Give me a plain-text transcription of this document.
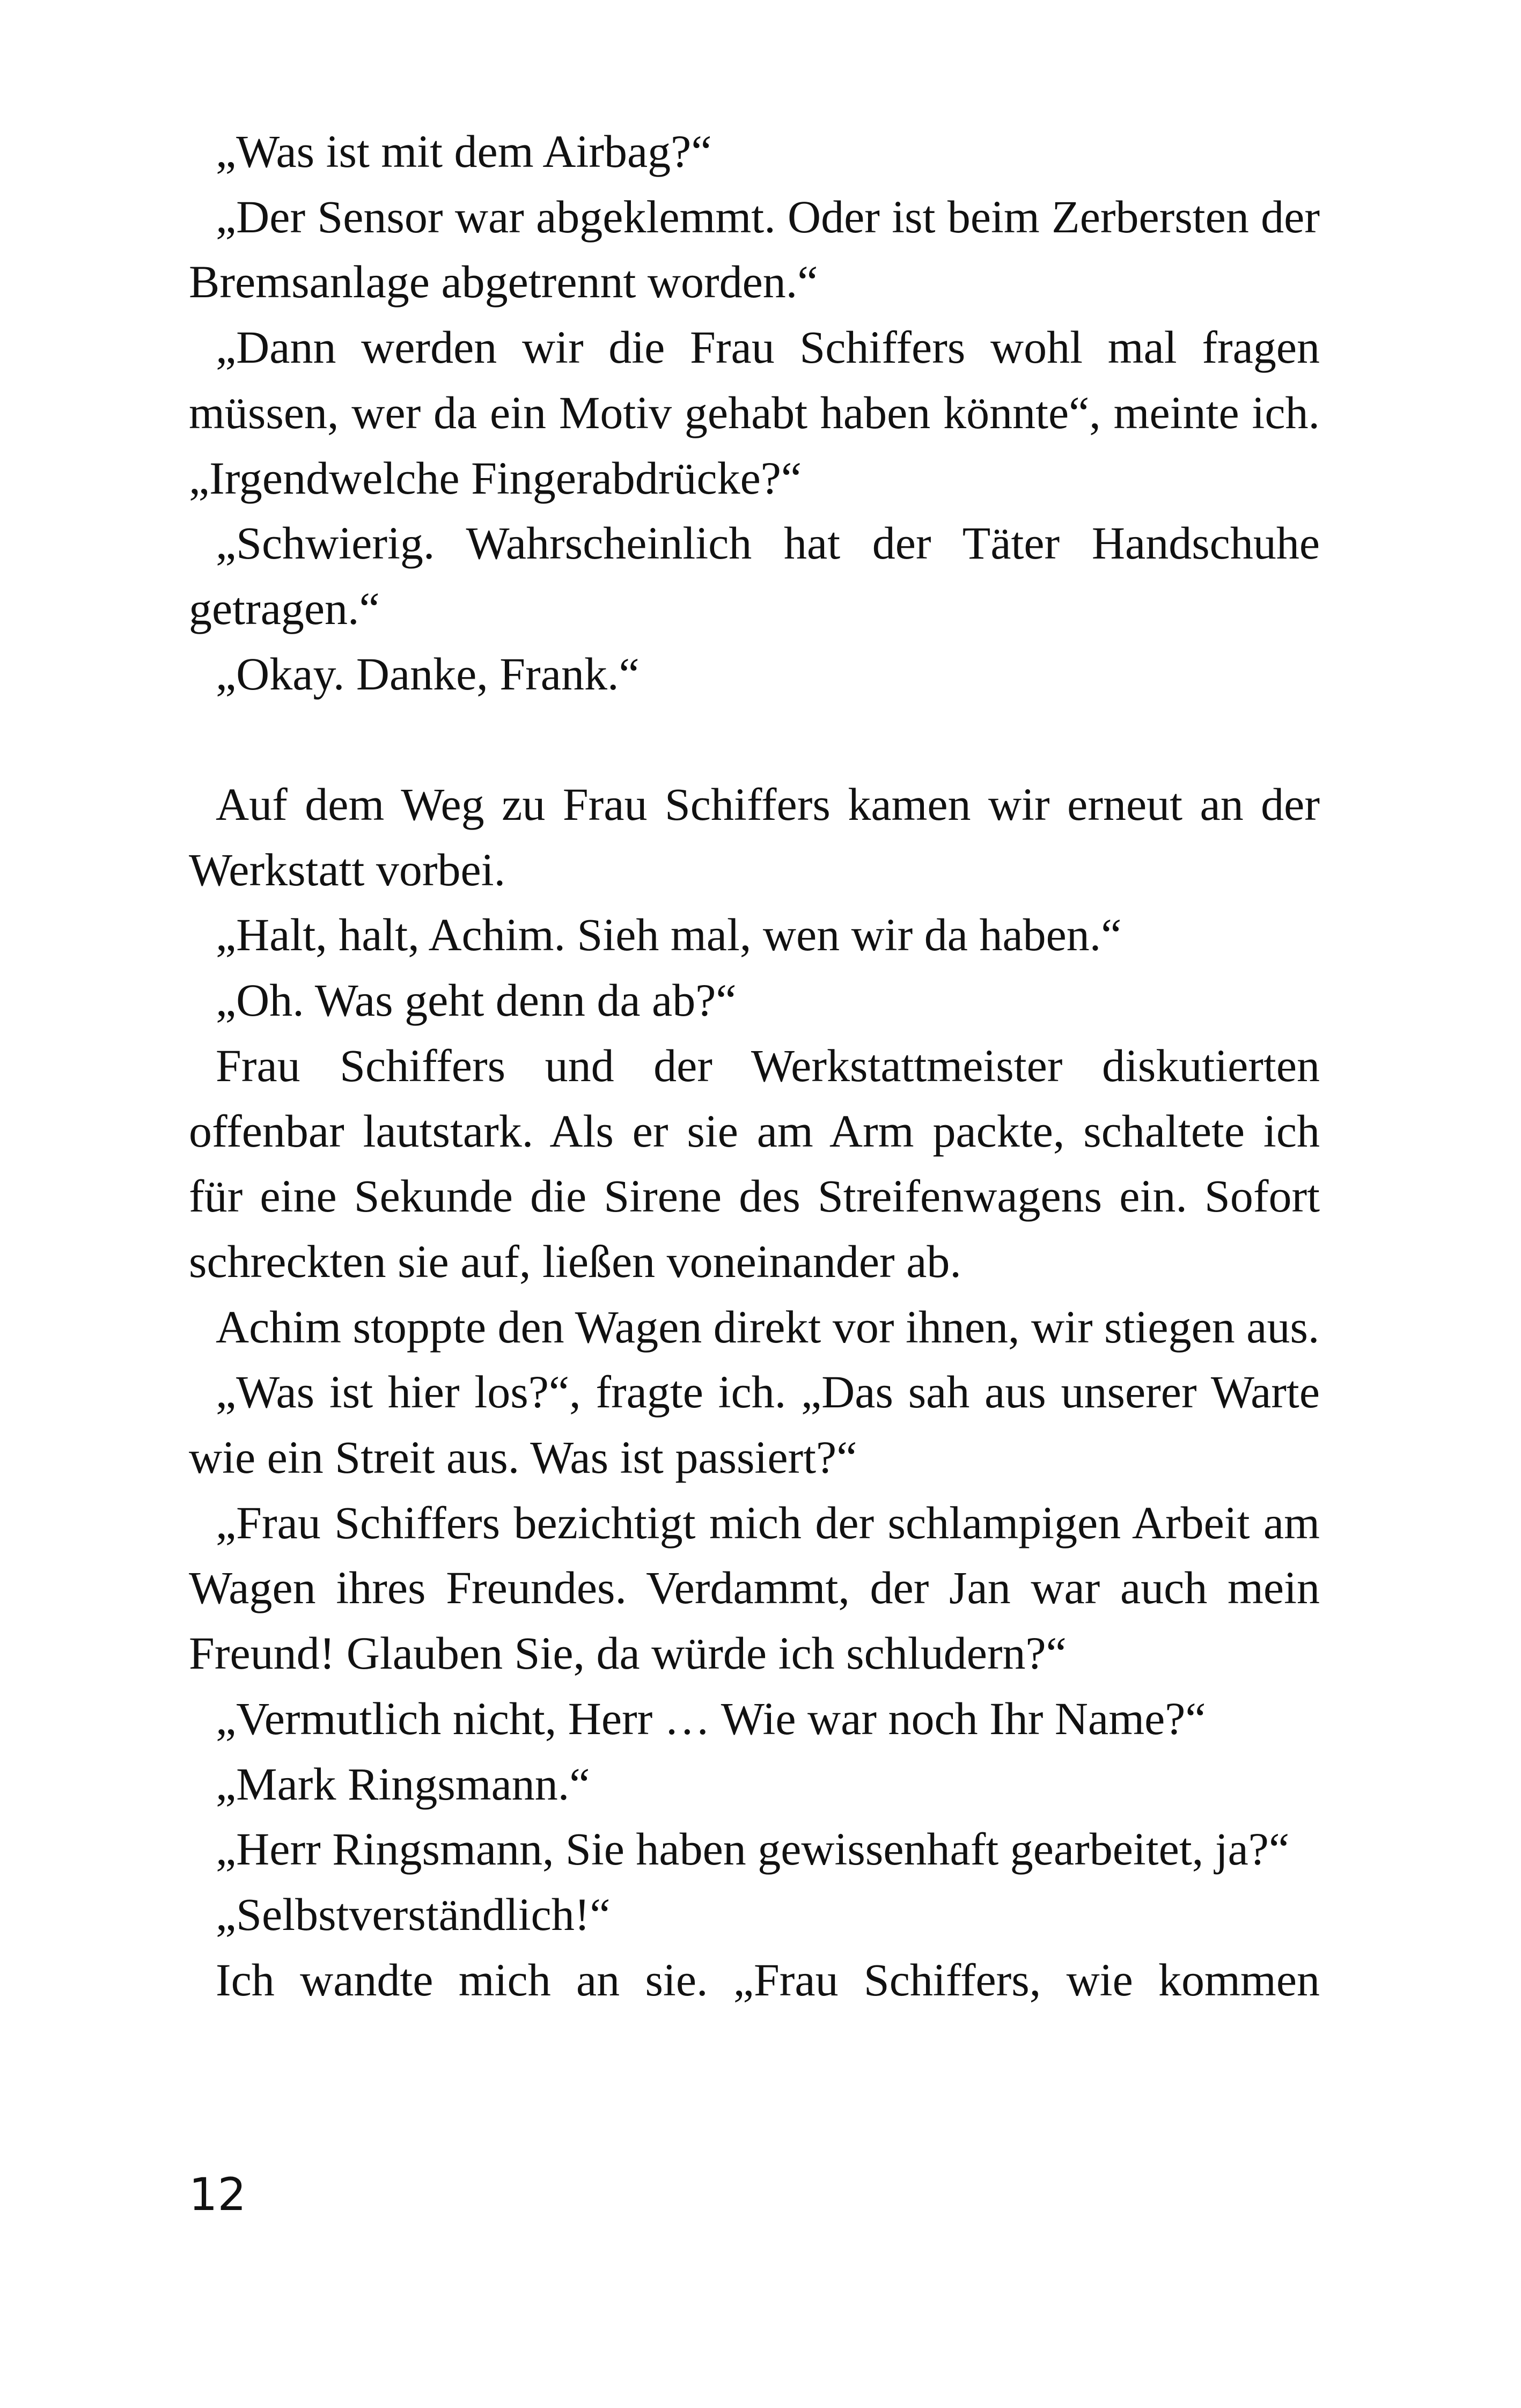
„Was ist mit dem Airbag?“

„Der Sensor war abgeklemmt. Oder ist beim Zerbersten der Bremsanlage abgetrennt worden.“

„Dann werden wir die Frau Schiffers wohl mal fragen müssen, wer da ein Motiv gehabt haben könnte“, meinte ich. „Irgendwelche Fingerabdrücke?“

„Schwierig. Wahrscheinlich hat der Täter Handschuhe getragen.“

„Okay. Danke, Frank.“

Auf dem Weg zu Frau Schiffers kamen wir erneut an der Werkstatt vorbei.

„Halt, halt, Achim. Sieh mal, wen wir da haben.“

„Oh. Was geht denn da ab?“

Frau Schiffers und der Werkstattmeister diskutierten offenbar lautstark. Als er sie am Arm packte, schaltete ich für eine Sekunde die Sirene des Streifenwagens ein. Sofort schreckten sie auf, ließen voneinander ab.

Achim stoppte den Wagen direkt vor ihnen, wir stiegen aus.

„Was ist hier los?“, fragte ich. „Das sah aus unserer Warte wie ein Streit aus. Was ist passiert?“

„Frau Schiffers bezichtigt mich der schlampigen Arbeit am Wagen ihres Freundes. Verdammt, der Jan war auch mein Freund! Glauben Sie, da würde ich schludern?“

„Vermutlich nicht, Herr … Wie war noch Ihr Name?“

„Mark Ringsmann.“

„Herr Ringsmann, Sie haben gewissenhaft gearbeitet, ja?“

„Selbstverständlich!“

Ich wandte mich an sie. „Frau Schiffers, wie kommen

12
